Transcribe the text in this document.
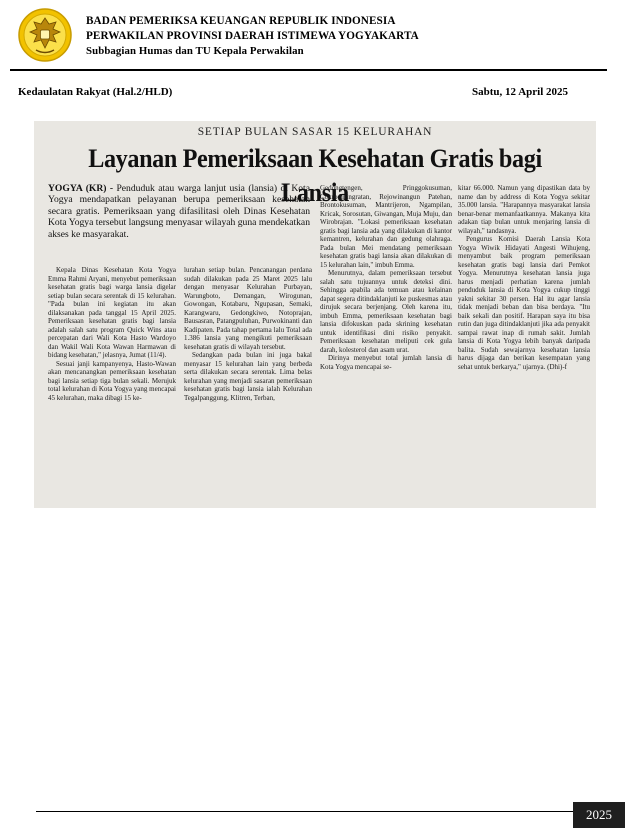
BADAN PEMERIKSA KEUANGAN REPUBLIK INDONESIA
PERWAKILAN PROVINSI DAERAH ISTIMEWA YOGYAKARTA
Subbagian Humas dan TU Kepala Perwakilan
Kedaulatan Rakyat (Hal.2/HLD)	Sabtu, 12 April 2025
SETIAP BULAN SASAR 15 KELURAHAN
Layanan Pemeriksaan Kesehatan Gratis bagi Lansia
YOGYA (KR) - Penduduk atau warga lanjut usia (lansia) di Kota Yogya mendapatkan pelayanan berupa pemeriksaan kesehatan secara gratis. Pemeriksaan yang difasilitasi oleh Dinas Kesehatan Kota Yogya tersebut langsung menyasar wilayah guna mendekatkan akses ke masyarakat.

Kepala Dinas Kesehatan Kota Yogya Emma Rahmi Aryani, menyebut pemeriksaan kesehatan gratis bagi warga lansia digelar setiap bulan secara serentak di 15 kelurahan. "Pada bulan ini kegiatan itu akan dilaksanakan pada tanggal 15 April 2025. Pemeriksaan kesehatan gratis bagi lansia adalah salah satu program Quick Wins atau percepatan dari Wali Kota Hasto Wardoyo dan Wakil Wali Kota Wawan Harmawan di bidang kesehatan," jelasnya, Jumat (11/4).

Sesuai janji kampanyenya, Hasto-Wawan akan mencanangkan pemeriksaan kesehatan bagi lansia setiap tiga bulan sekali. Merujuk total kelurahan di Kota Yogya yang mencapai 45 kelurahan, maka dibagi 15 ke-

lurahan setiap bulan. Pencanangan perdana sudah dilakukan pada 25 Maret 2025 lalu dengan menyasar Kelurahan Purbayan, Warungboto, Demangan, Wirogunan, Gowongan, Kotabaru, Ngupasan, Semaki, Karangwaru, Gedongkiwo, Notoprajan, Bausasran, Patangpuluhan, Purwokinanti dan Kadipaten. Pada tahap pertama lalu Total ada 1.386 lansia yang mengikuti pemeriksaan kesehatan gratis di wilayah tersebut.

Sedangkan pada bulan ini juga bakal menyasar 15 kelurahan lain yang berbeda serta dilakukan secara serentak. Lima belas kelurahan yang menjadi sasaran pemeriksaan kesehatan gratis bagi lansia ialah Kelurahan Tegalpanggung, Klitren, Terban,

Gedongtengen, Pringgokusuman, Cokrodiningratan, Rejowinangun Patehan, Brontokusuman, Mantrijeron, Ngampilan, Kricak, Sorosutan, Giwangan, Muja Muju, dan Wirobrajan. "Lokasi pemeriksaan kesehatan gratis bagi lansia ada yang dilakukan di kantor kemantren, kelurahan dan gedung olahraga. Pada bulan Mei mendatang pemeriksaan kesehatan gratis bagi lansia akan dilakukan di 15 kelurahan lain," imbuh Emma.

Menurutnya, dalam pemeriksaan tersebut salah satu tujuannya untuk deteksi dini. Sehingga apabila ada temuan atau kelainan dapat segera ditindaklanjuti ke puskesmas atau dirujuk secara berjenjang. Oleh karena itu, imbuh Emma, pemeriksaan kesehatan bagi lansia difokuskan pada skrining kesehatan untuk identifikasi dini risiko penyakit. Pemeriksaan kesehatan meliputi cek gula darah, kolesterol dan asam urat.

Dirinya menyebut total jumlah lansia di Kota Yogya mencapai se-

kitar 66.000. Namun yang dipastikan data by name dan by address di Kota Yogya sekitar 35.000 lansia. "Harapannya masyarakat lansia benar-benar memanfaatkannya. Makanya kita adakan tiap bulan untuk menjaring lansia di wilayah," tandasnya.

Pengurus Komisi Daerah Lansia Kota Yogya Wiwik Hidayati Angesti Wihujeng, menyambut baik program pemeriksaan kesehatan gratis bagi lansia dari Pemkot Yogya. Menurutnya kesehatan lansia juga harus menjadi perhatian karena jumlah penduduk lansia di Kota Yogya cukup tinggi yakni sekitar 30 persen. Hal itu agar lansia tidak menjadi beban dan bisa berdaya. "Itu baik sekali dan positif. Harapan saya itu bisa rutin dan juga ditindaklanjuti jika ada penyakit sampai rawat inap di rumah sakit. Jumlah lansia di Kota Yogya lebih banyak daripada balita. Sudah sewajarnya kesehatan lansia harus dijaga dan berikan kesempatan yang sehat untuk berkarya," ujarnya. (Dhi)-f

2025
